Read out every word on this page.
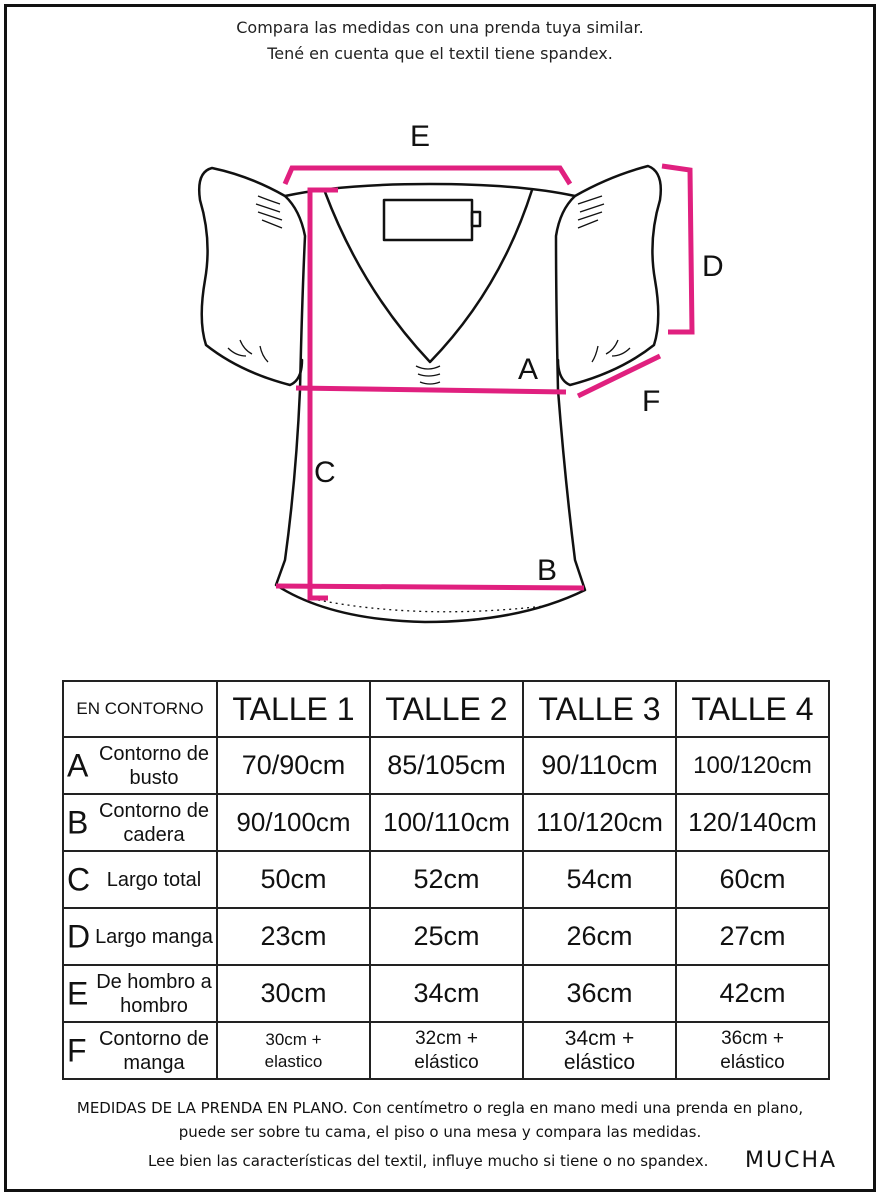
Compara las medidas con una prenda tuya similar.
Tené en cuenta que el textil tiene spandex.
E
D
A
F
C
B
EN CONTORNO	TALLE 1	TALLE 2	TALLE 3	TALLE 4

A Contorno de busto	70/90cm	85/105cm	90/110cm	100/120cm

B Contorno de cadera	90/100cm	100/110cm	110/120cm	120/140cm

C Largo total	50cm	52cm	54cm	60cm

D Largo manga	23cm	25cm	26cm	27cm

E De hombro a hombro	30cm	34cm	36cm	42cm

F Contorno de manga	30cm + elastico	32cm + elástico	34cm + elástico	36cm + elástico
MEDIDAS DE LA PRENDA EN PLANO. Con centímetro o regla en mano medi una prenda en plano,
puede ser sobre tu cama, el piso o una mesa y compara las medidas.
Lee bien las características del textil, influye mucho si tiene o no spandex. MUCHA
